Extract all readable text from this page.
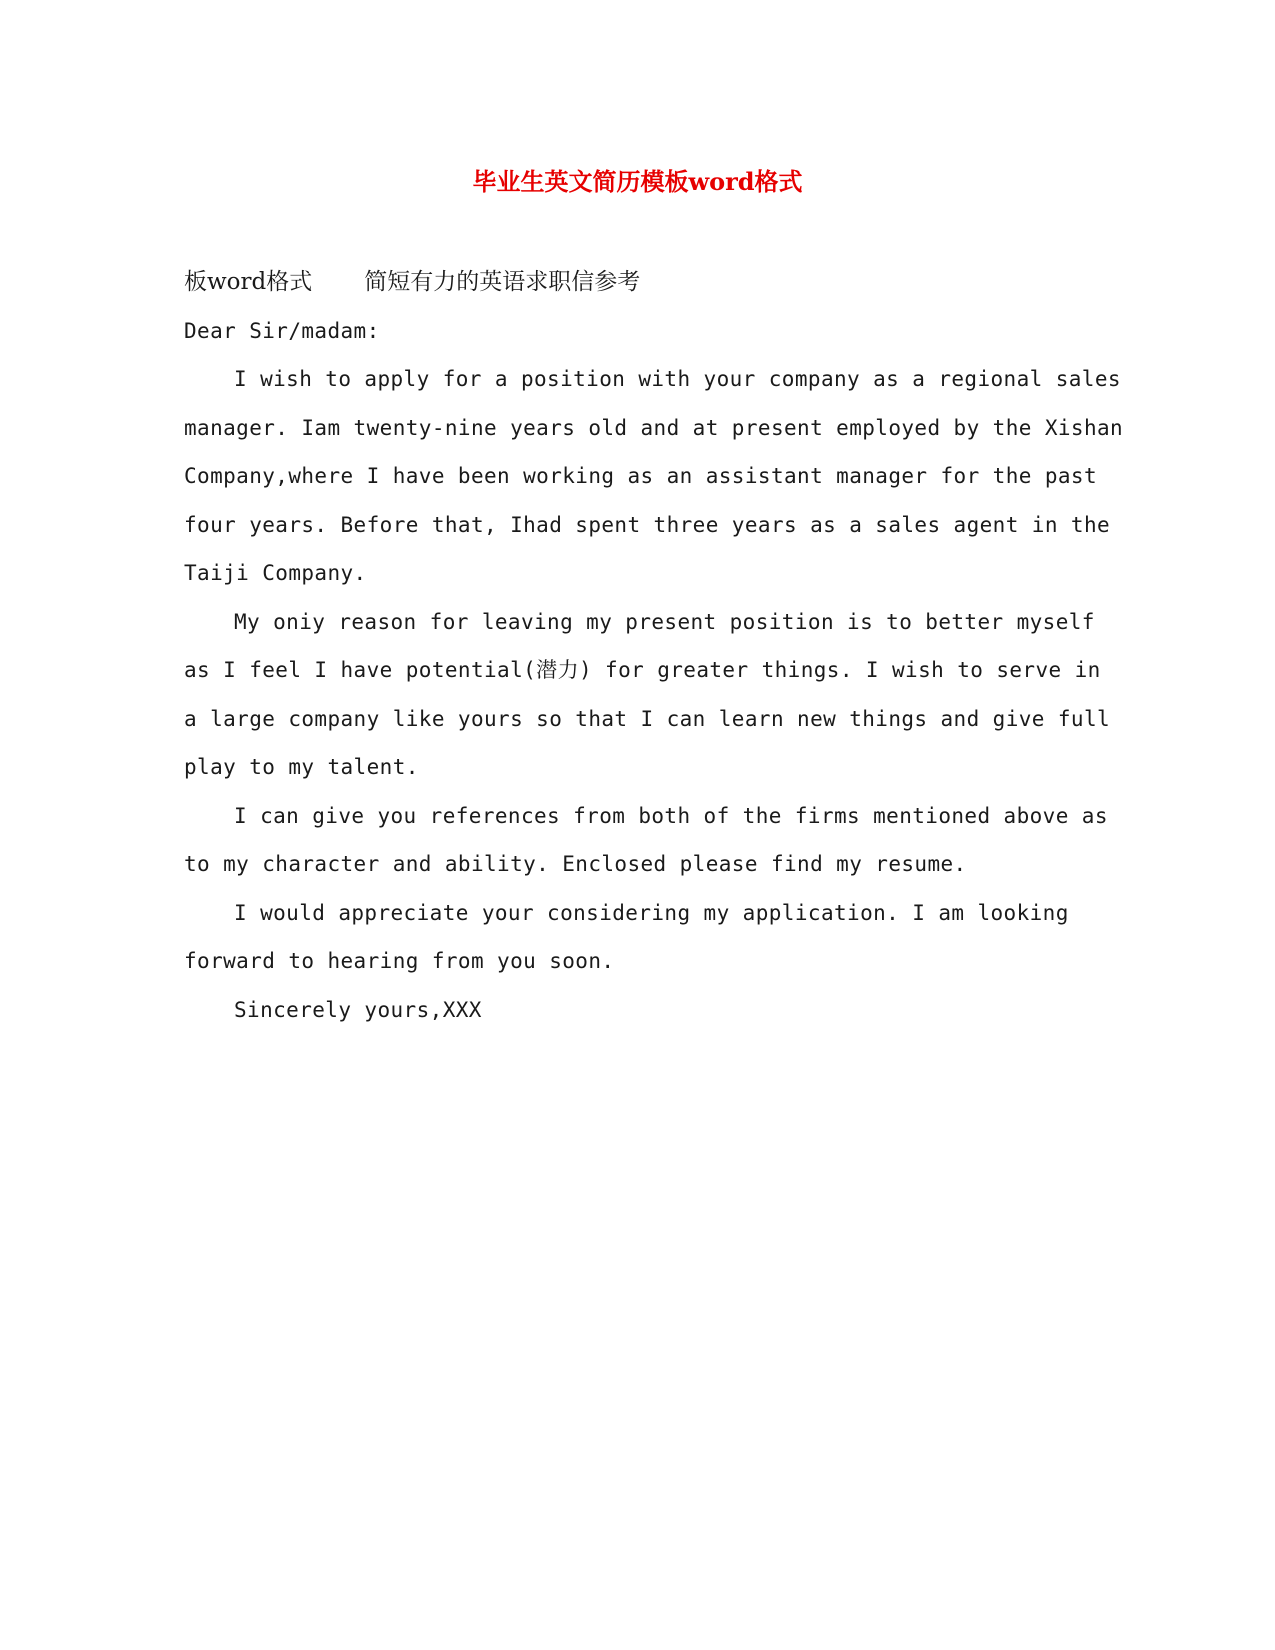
毕业生英文简历模板word格式
板word格式 简短有力的英语求职信参考
Dear Sir/madam:
I wish to apply for a position with your company as a regional sales
manager. Iam twenty-nine years old and at present employed by the Xishan
Company,where I have been working as an assistant manager for the past
four years. Before that, Ihad spent three years as a sales agent in the
Taiji Company.
My oniy reason for leaving my present position is to better myself
as I feel I have potential(潜力) for greater things. I wish to serve in
a large company like yours so that I can learn new things and give full
play to my talent.
I can give you references from both of the firms mentioned above as
to my character and ability. Enclosed please find my resume.
I would appreciate your considering my application. I am looking
forward to hearing from you soon.
Sincerely yours,XXX
